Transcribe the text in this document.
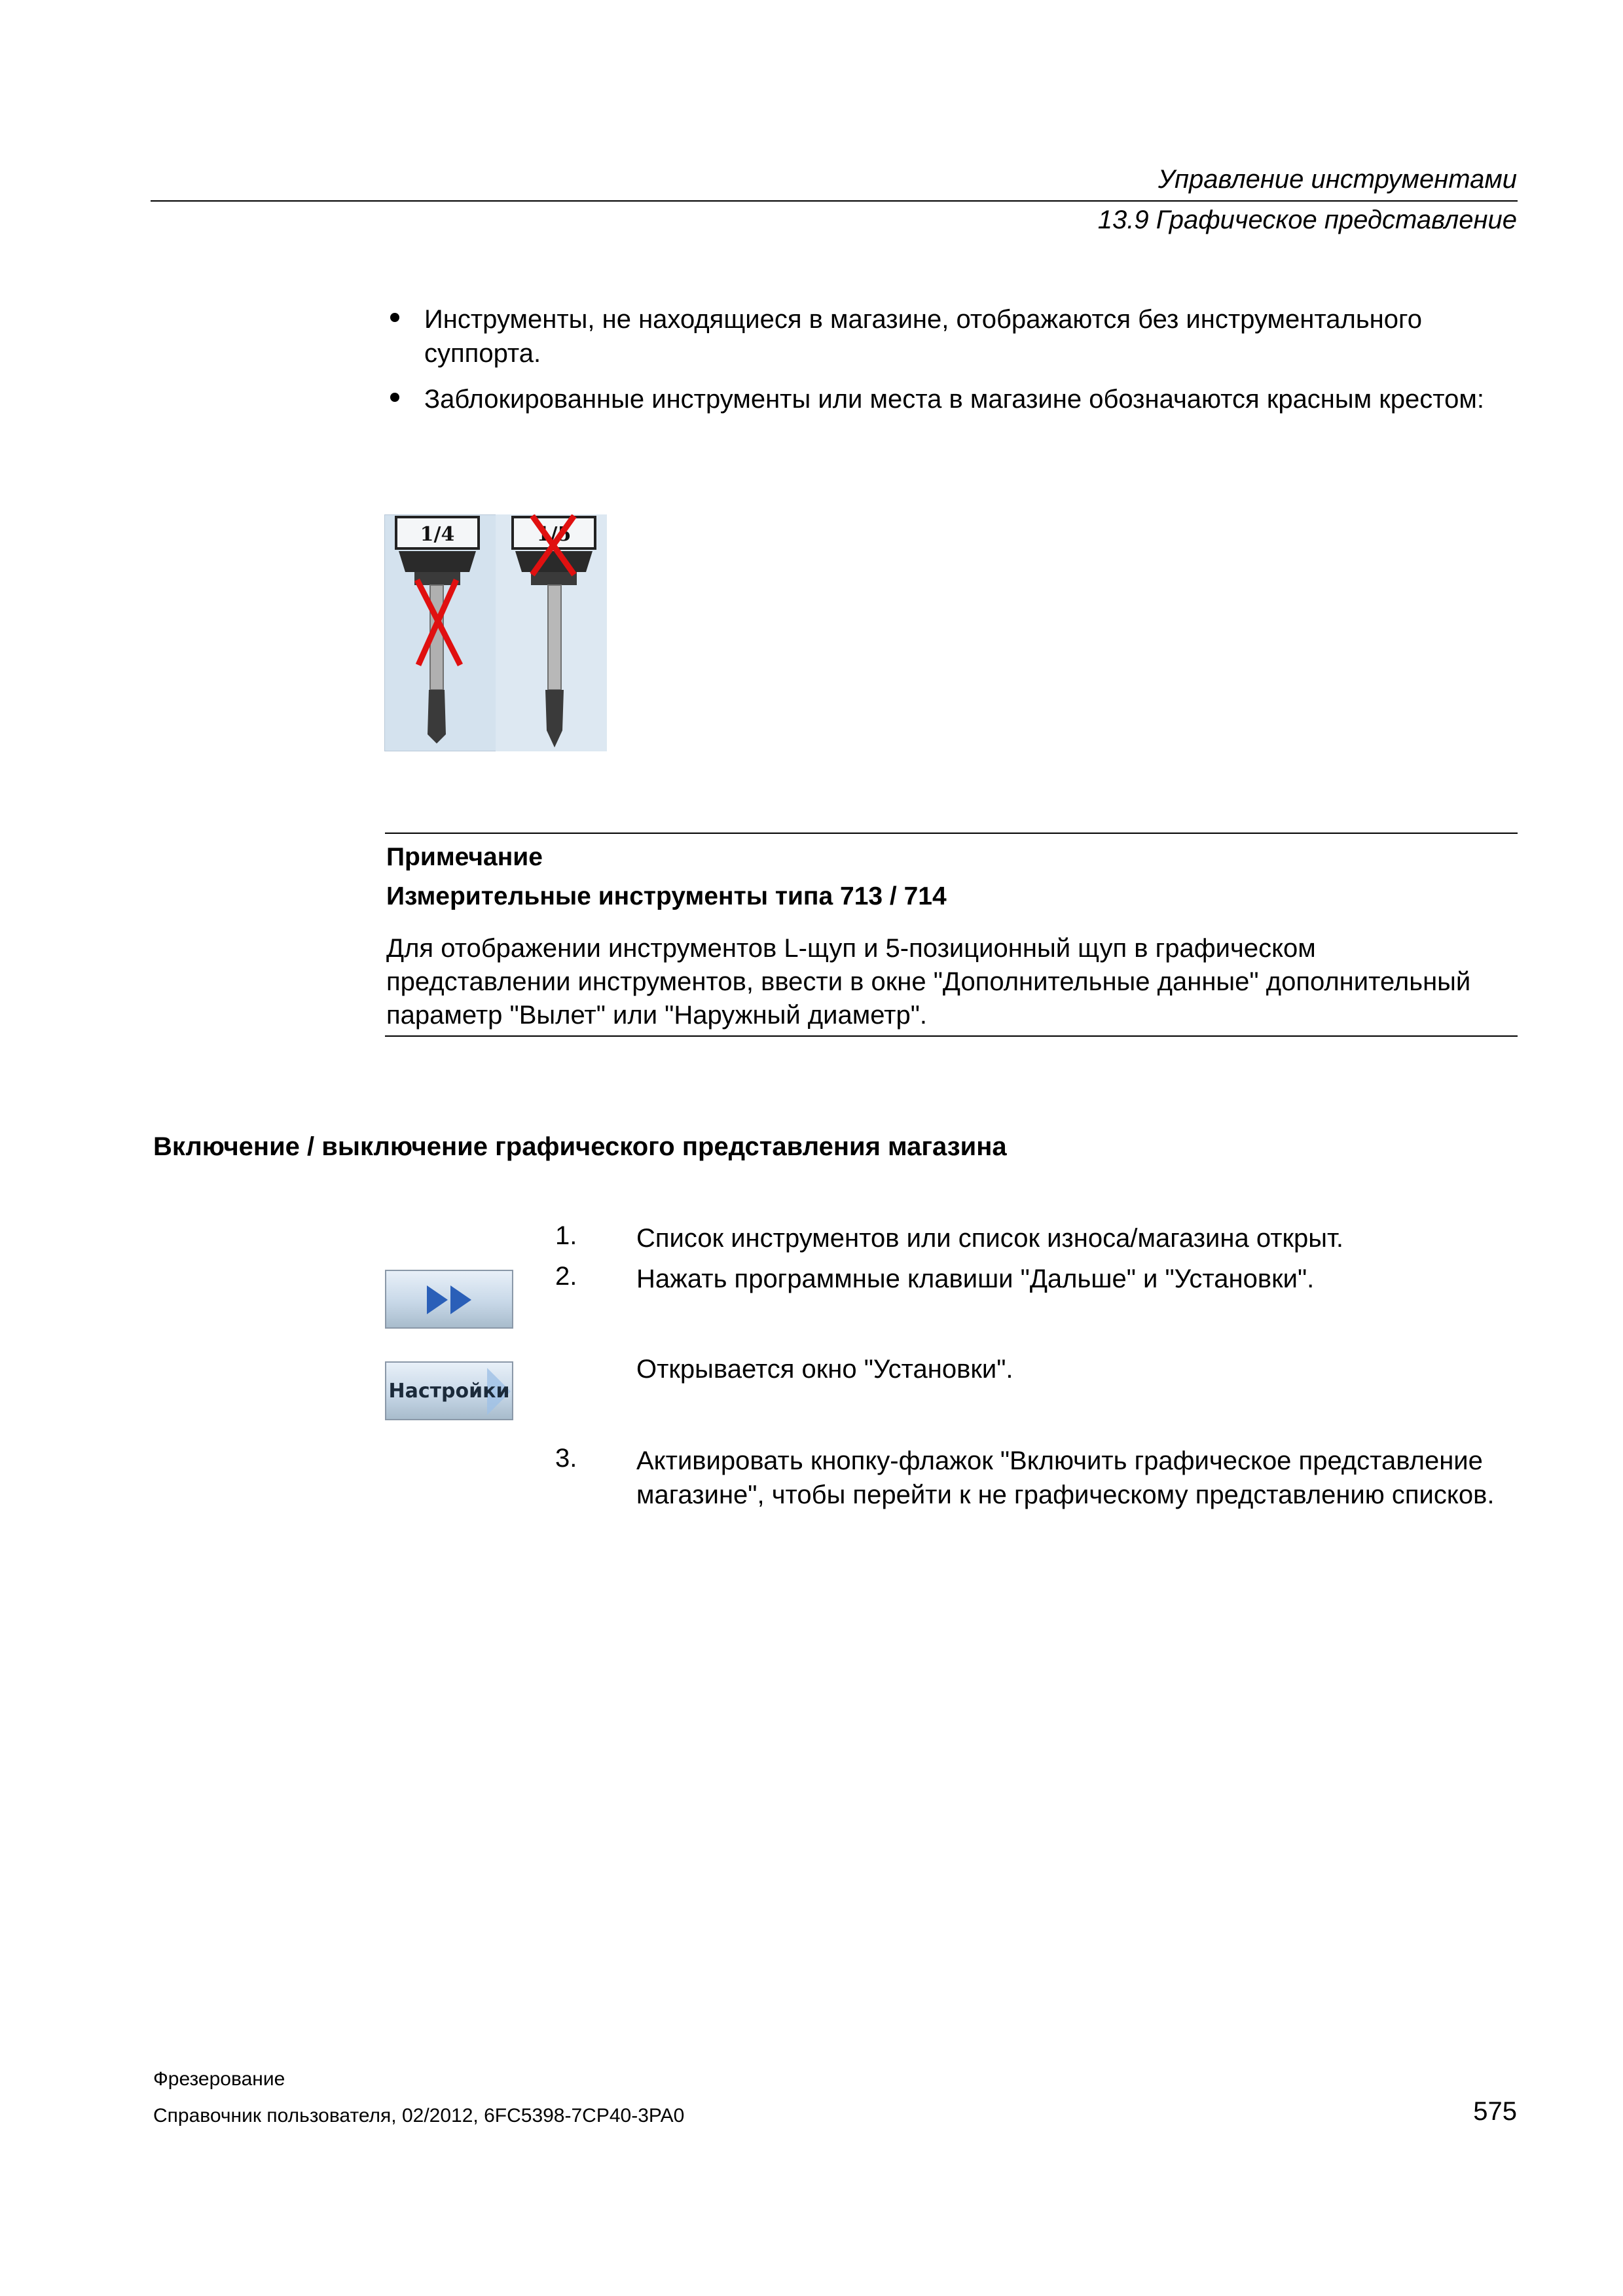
Управление инструментами
13.9 Графическое представление
Инструменты, не находящиеся в магазине, отображаются без инструментального суппорта.
Заблокированные инструменты или места в магазине обозначаются красным крестом:
1/4	1/5
Примечание
Измерительные инструменты типа 713 / 714
Для отображении инструментов L-щуп и 5-позиционный щуп в графическом представлении инструментов, ввести в окне "Дополнительные данные" дополнительный параметр "Вылет" или "Наружный диаметр".
Включение / выключение графического представления магазина
1. Список инструментов или список износа/магазина открыт.
2. Нажать программные клавиши "Дальше" и "Установки".
Открывается окно "Установки".
3. Активировать кнопку-флажок "Включить графическое представление магазине", чтобы перейти к не графическому представлению списков.
Настройки
Фрезерование
Справочник пользователя, 02/2012, 6FC5398-7CP40-3PA0	575
